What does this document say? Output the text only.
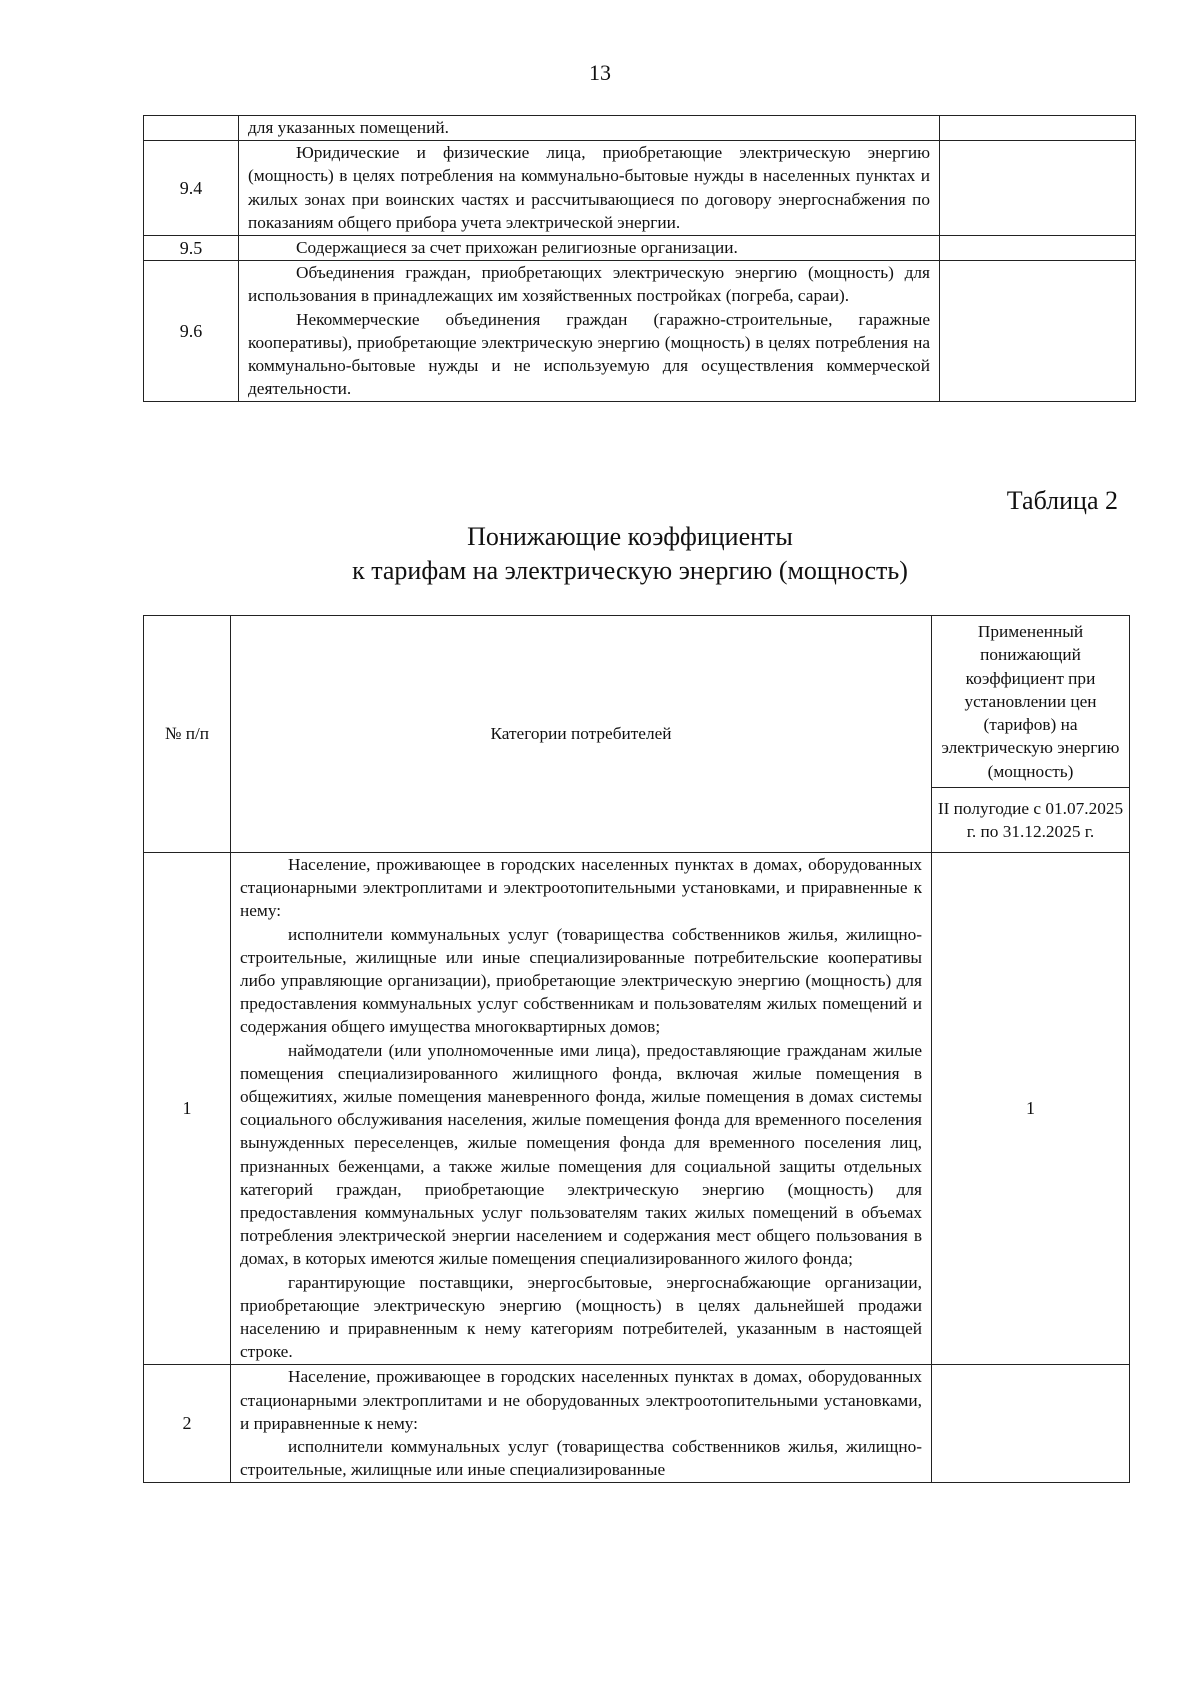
13

	для указанных помещений.	

9.4	Юридические и физические лица, приобретающие электрическую энергию (мощность) в целях потребления на коммунально-бытовые нужды в населенных пунктах и жилых зонах при воинских частях и рассчитывающиеся по договору энергоснабжения по показаниям общего прибора учета электрической энергии.	

9.5	Содержащиеся за счет прихожан религиозные организации.	

9.6	Объединения граждан, приобретающих электрическую энергию (мощность) для использования в принадлежащих им хозяйственных постройках (погреба, сараи).

Некоммерческие объединения граждан (гаражно-строительные, гаражные кооперативы), приобретающие электрическую энергию (мощность) в целях потребления на коммунально-бытовые нужды и не используемую для осуществления коммерческой деятельности.	

Таблица 2
Понижающие коэффициенты
к тарифам на электрическую энергию (мощность)
№ п/п	Категории потребителей	Примененный понижающий коэффициент при установлении цен (тарифов) на электрическую энергию (мощность)
		II полугодие с 01.07.2025 г. по 31.12.2025 г.
1	Население, проживающее в городских населенных пунктах в домах, оборудованных стационарными электроплитами и электроотопительными установками, и приравненные к нему:

исполнители коммунальных услуг (товарищества собственников жилья, жилищно-строительные, жилищные или иные специализированные потребительские кооперативы либо управляющие организации), приобретающие электрическую энергию (мощность) для предоставления коммунальных услуг собственникам и пользователям жилых помещений и содержания общего имущества многоквартирных домов;

наймодатели (или уполномоченные ими лица), предоставляющие гражданам жилые помещения специализированного жилищного фонда, включая жилые помещения в общежитиях, жилые помещения маневренного фонда, жилые помещения в домах системы социального обслуживания населения, жилые помещения фонда для временного поселения вынужденных переселенцев, жилые помещения фонда для временного поселения лиц, признанных беженцами, а также жилые помещения для социальной защиты отдельных категорий граждан, приобретающие электрическую энергию (мощность) для предоставления коммунальных услуг пользователям таких жилых помещений в объемах потребления электрической энергии населением и содержания мест общего пользования в домах, в которых имеются жилые помещения специализированного жилого фонда;

гарантирующие поставщики, энергосбытовые, энергоснабжающие организации, приобретающие электрическую энергию (мощность) в целях дальнейшей продажи населению и приравненным к нему категориям потребителей, указанным в настоящей строке.	1
2	Население, проживающее в городских населенных пунктах в домах, оборудованных стационарными электроплитами и не оборудованных электроотопительными установками, и приравненные к нему:

исполнители коммунальных услуг (товарищества собственников жилья, жилищно-строительные, жилищные или иные специализированные	
